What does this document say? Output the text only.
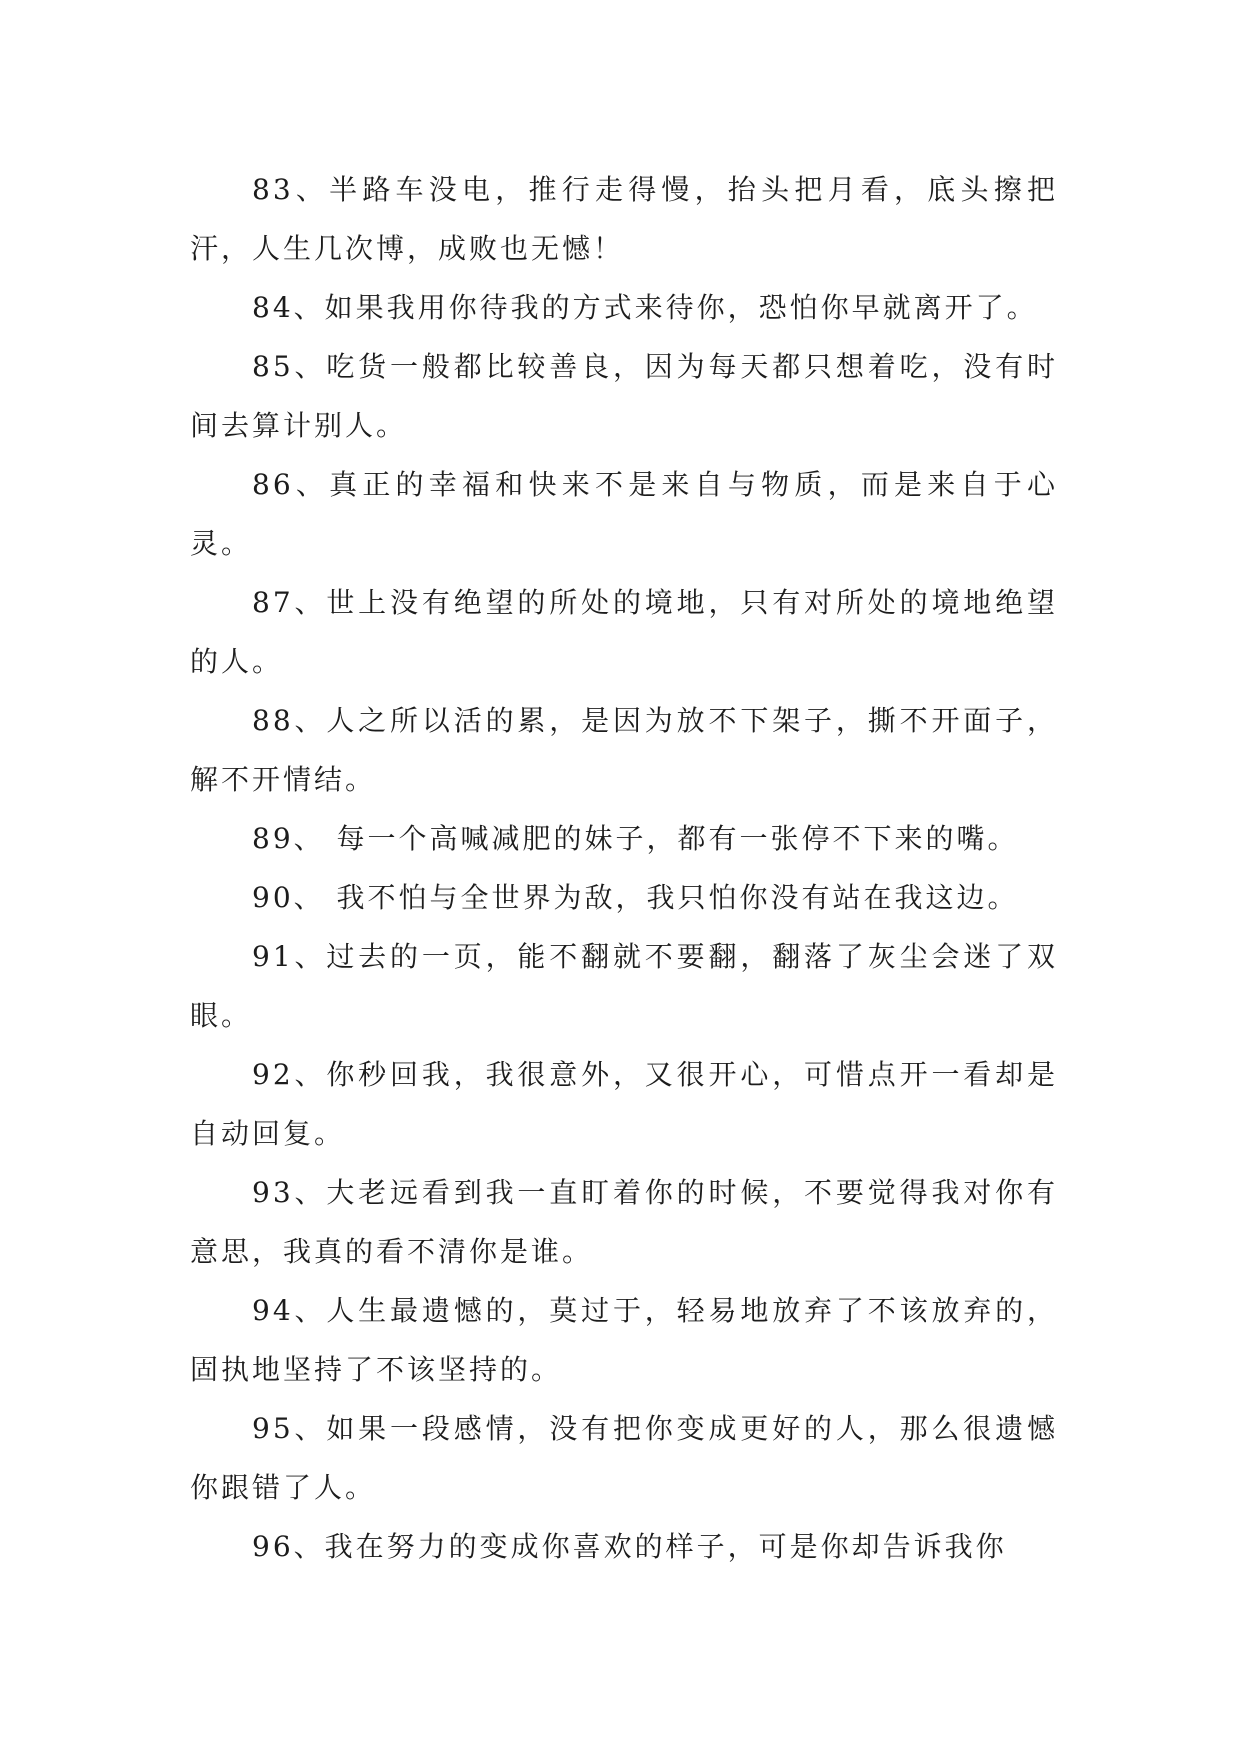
83、半路车没电，推行走得慢，抬头把月看，底头擦把汗，人生几次博，成败也无憾！

84、如果我用你待我的方式来待你，恐怕你早就离开了。

85、吃货一般都比较善良，因为每天都只想着吃，没有时间去算计别人。

86、真正的幸福和快来不是来自与物质，而是来自于心灵。

87、世上没有绝望的所处的境地，只有对所处的境地绝望的人。

88、人之所以活的累，是因为放不下架子，撕不开面子，解不开情结。

89、 每一个高喊减肥的妹子，都有一张停不下来的嘴。

90、 我不怕与全世界为敌，我只怕你没有站在我这边。

91、过去的一页，能不翻就不要翻，翻落了灰尘会迷了双眼。

92、你秒回我，我很意外，又很开心，可惜点开一看却是自动回复。

93、大老远看到我一直盯着你的时候，不要觉得我对你有意思，我真的看不清你是谁。

94、人生最遗憾的，莫过于，轻易地放弃了不该放弃的，固执地坚持了不该坚持的。

95、如果一段感情，没有把你变成更好的人，那么很遗憾你跟错了人。

96、我在努力的变成你喜欢的样子，可是你却告诉我你
